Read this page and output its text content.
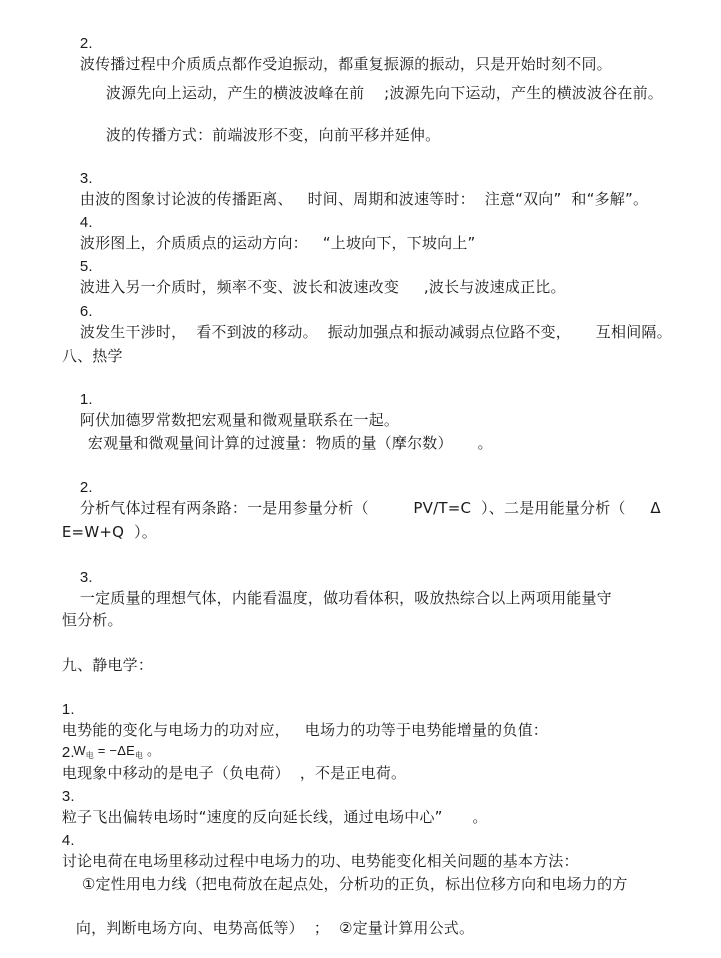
2.
波传播过程中介质质点都作受迫振动，都重复振源的振动，只是开始时刻不同。

波源先向上运动，产生的横波波峰在前    ;波源先向下运动，产生的横波波谷在前。

波的传播方式：前端波形不变，向前平移并延伸。

3.
由波的图象讨论波的传播距离、   时间、周期和波速等时：  注意“双向”  和“多解”。

4.
波形图上，介质质点的运动方向：   “上坡向下，下坡向上”

5.
波进入另一介质时，频率不变、波长和波速改变     ,波长与波速成正比。

6.
波发生干涉时，  看不到波的移动。  振动加强点和振动减弱点位路不变，     互相间隔。

八、热学

1.
阿伏加德罗常数把宏观量和微观量联系在一起。

宏观量和微观量间计算的过渡量：物质的量（摩尔数）     。

2.
分析气体过程有两条路：一是用参量分析（         PV/T=C  ）、二是用能量分析（     Δ

E=W+Q  ）。

3.
一定质量的理想气体，内能看温度，做功看体积，吸放热综合以上两项用能量守

恒分析。

九、静电学：

1.
电势能的变化与电场力的功对应，   电场力的功等于电势能增量的负值：
$W_电 = -\Delta E_电$ 。

2.
电现象中移动的是电子（负电荷）  ，不是正电荷。

3.
粒子飞出偏转电场时“速度的反向延长线，通过电场中心”      。

4.
讨论电荷在电场里移动过程中电场力的功、电势能变化相关问题的基本方法：

①定性用电力线（把电荷放在起点处，分析功的正负，标出位移方向和电场力的方

向，判断电场方向、电势高低等）  ；  ②定量计算用公式。
